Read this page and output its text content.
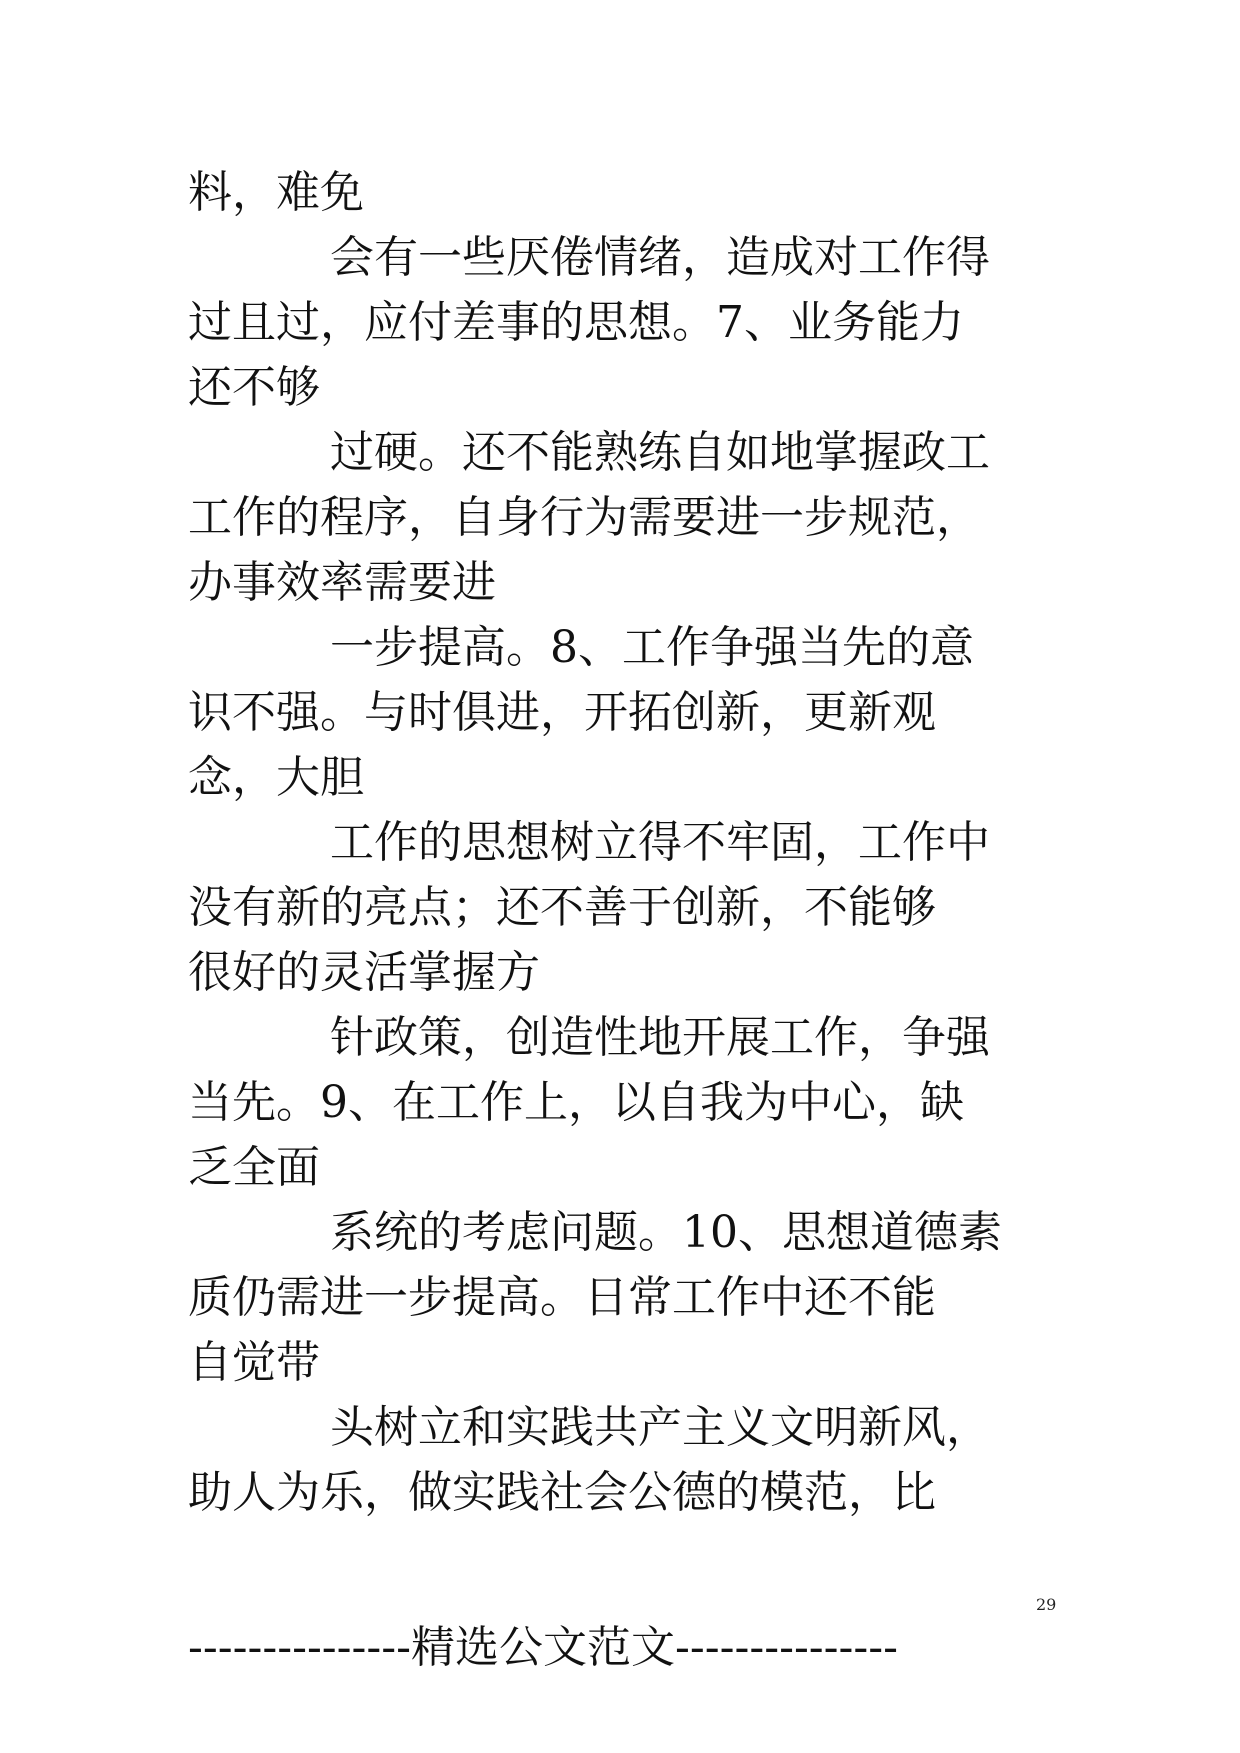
料，难免
会有一些厌倦情绪，造成对工作得
过且过，应付差事的思想。7、业务能力
还不够
过硬。还不能熟练自如地掌握政工
工作的程序，自身行为需要进一步规范，
办事效率需要进
一步提高。8、工作争强当先的意
识不强。与时俱进，开拓创新，更新观
念，大胆
工作的思想树立得不牢固，工作中
没有新的亮点；还不善于创新，不能够
很好的灵活掌握方
针政策，创造性地开展工作，争强
当先。9、在工作上，以自我为中心，缺
乏全面
系统的考虑问题。10、思想道德素
质仍需进一步提高。日常工作中还不能
自觉带
头树立和实践共产主义文明新风，
助人为乐，做实践社会公德的模范，比
29
---------------精选公文范文---------------
